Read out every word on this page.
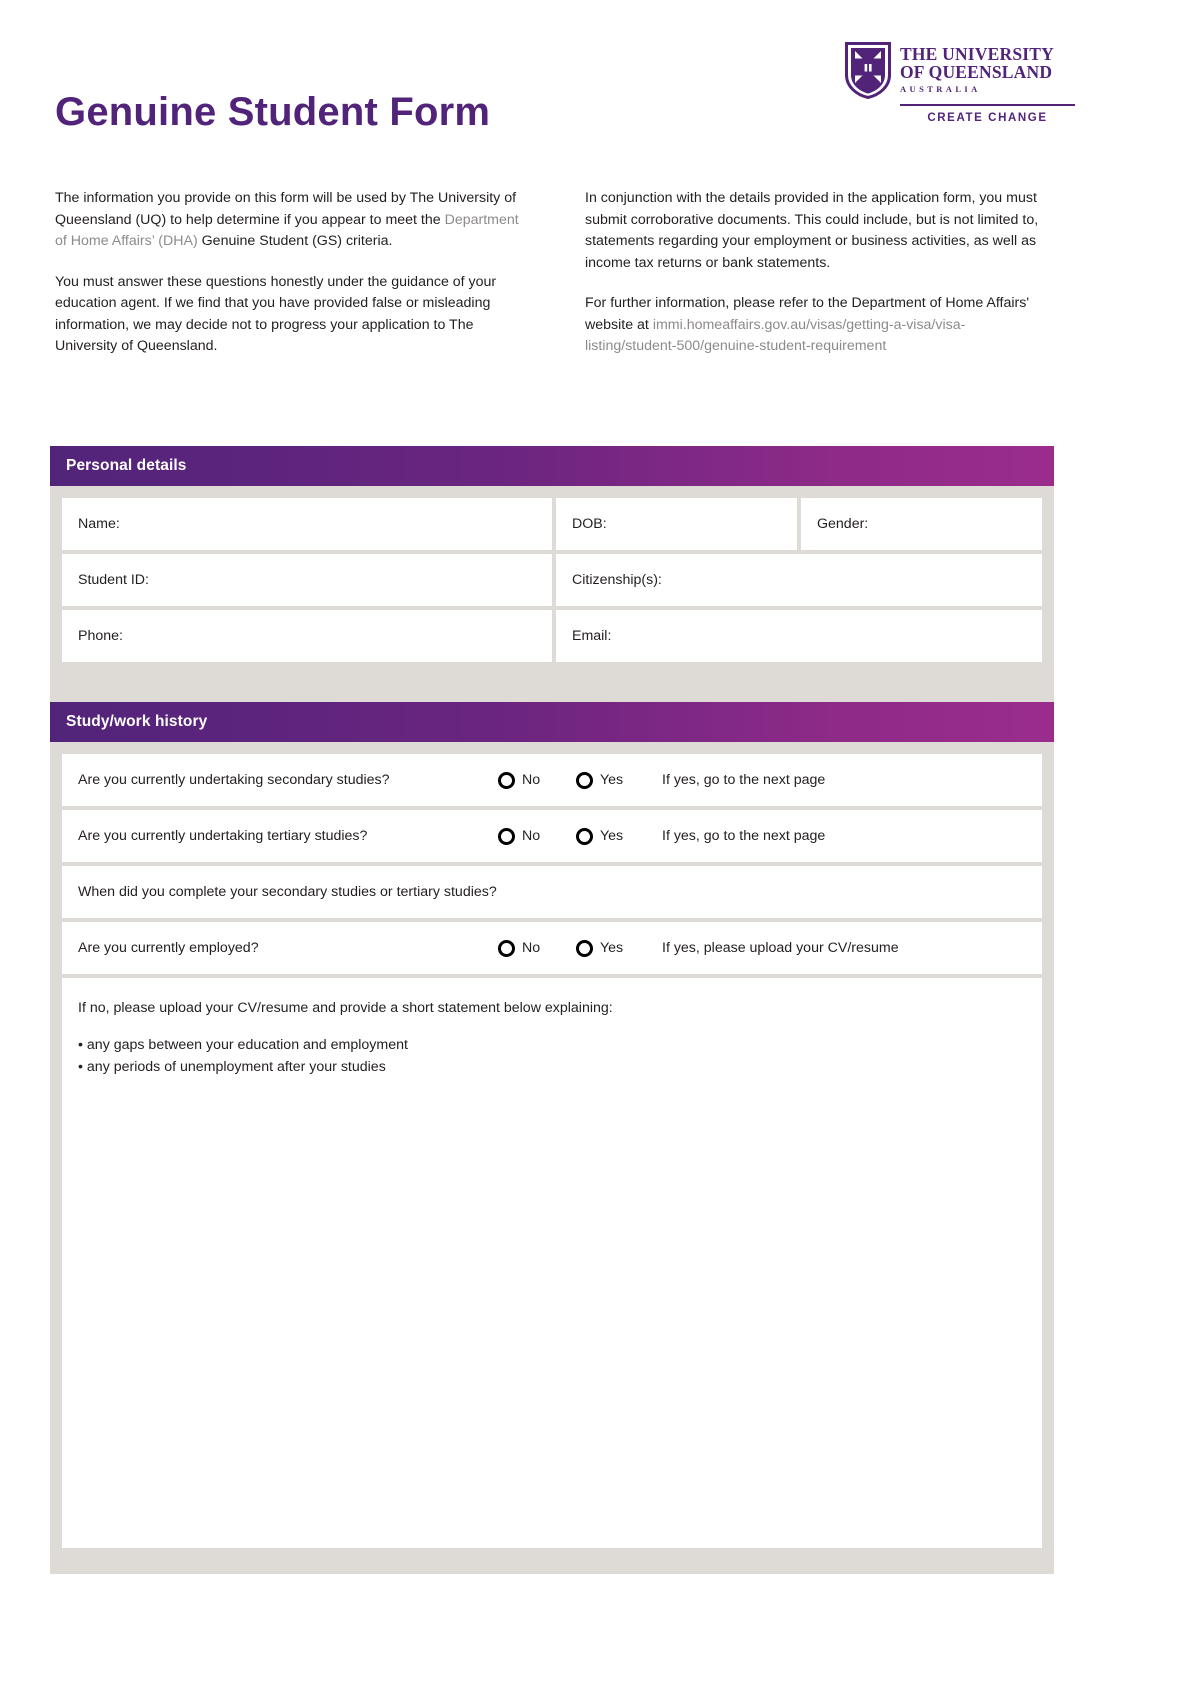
Genuine Student Form
THE UNIVERSITY
OF QUEENSLAND
AUSTRALIA
CREATE CHANGE

The information you provide on this form will be used by The University of Queensland (UQ) to help determine if you appear to meet the Department of Home Affairs’ (DHA) Genuine Student (GS) criteria.

You must answer these questions honestly under the guidance of your education agent. If we find that you have provided false or misleading information, we may decide not to progress your application to The University of Queensland.

In conjunction with the details provided in the application form, you must submit corroborative documents. This could include, but is not limited to, statements regarding your employment or business activities, as well as income tax returns or bank statements.

For further information, please refer to the Department of Home Affairs' website at immi.homeaffairs.gov.au/visas/getting-a-visa/visa-listing/student-500/genuine-student-requirement

Personal details
Name:	DOB:	Gender:
Student ID:	Citizenship(s):
Phone:	Email:
Study/work history
Are you currently undertaking secondary studies?	No	Yes	If yes, go to the next page
Are you currently undertaking tertiary studies?	No	Yes	If yes, go to the next page
When did you complete your secondary studies or tertiary studies?
Are you currently employed?	No	Yes	If yes, please upload your CV/resume
If no, please upload your CV/resume and provide a short statement below explaining:
• any gaps between your education and employment
• any periods of unemployment after your studies
